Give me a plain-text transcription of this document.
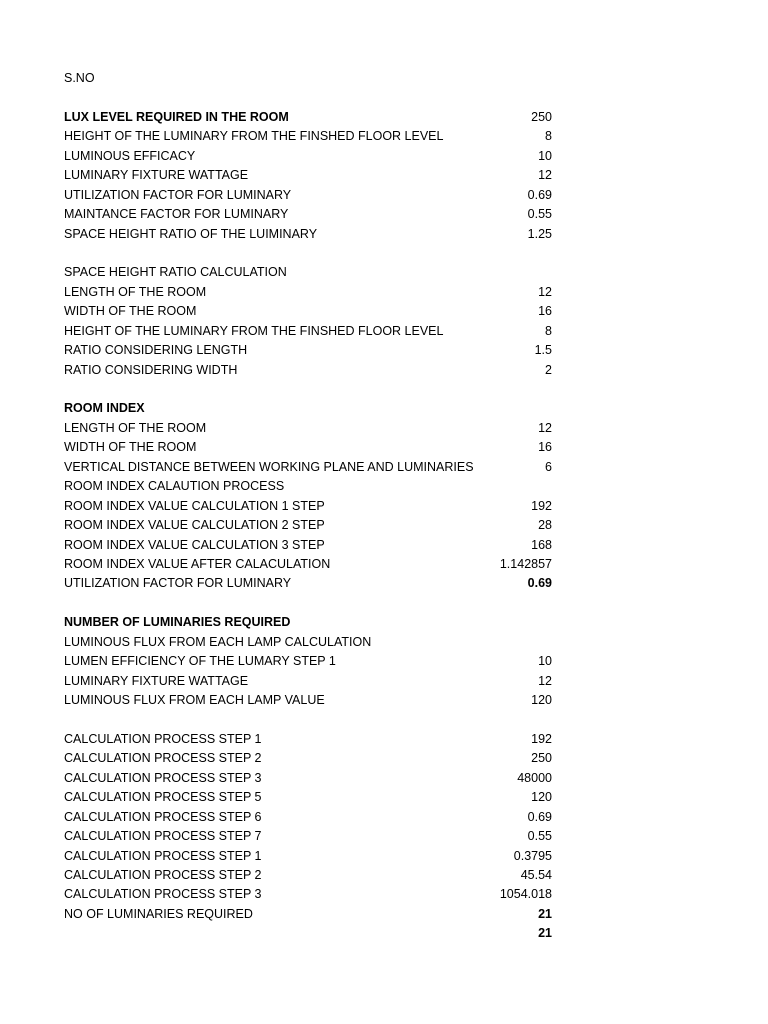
S.NO
LUX LEVEL REQUIRED IN THE ROOM	250
HEIGHT OF THE LUMINARY FROM THE FINSHED FLOOR LEVEL	8
LUMINOUS EFFICACY	10
LUMINARY FIXTURE WATTAGE	12
UTILIZATION FACTOR FOR LUMINARY	0.69
MAINTANCE FACTOR FOR LUMINARY	0.55
SPACE HEIGHT RATIO OF THE LUIMINARY	1.25
SPACE HEIGHT RATIO CALCULATION
LENGTH OF THE ROOM	12
WIDTH OF THE ROOM	16
HEIGHT OF THE LUMINARY FROM THE FINSHED FLOOR LEVEL	8
RATIO CONSIDERING LENGTH	1.5
RATIO CONSIDERING WIDTH	2
ROOM INDEX
LENGTH OF THE ROOM	12
WIDTH OF THE ROOM	16
VERTICAL DISTANCE BETWEEN WORKING PLANE AND LUMINARIES	6
ROOM INDEX CALAUTION PROCESS
ROOM INDEX VALUE CALCULATION 1 STEP	192
ROOM INDEX VALUE CALCULATION 2 STEP	28
ROOM INDEX VALUE CALCULATION 3 STEP	168
ROOM INDEX VALUE AFTER CALACULATION	1.142857
UTILIZATION FACTOR FOR LUMINARY	0.69
NUMBER OF LUMINARIES REQUIRED
LUMINOUS FLUX FROM EACH LAMP CALCULATION
LUMEN EFFICIENCY OF THE LUMARY STEP 1	10
LUMINARY FIXTURE WATTAGE	12
LUMINOUS FLUX FROM EACH LAMP VALUE	120
CALCULATION PROCESS STEP 1	192
CALCULATION PROCESS STEP 2	250
CALCULATION PROCESS STEP 3	48000
CALCULATION PROCESS STEP 5	120
CALCULATION PROCESS STEP 6	0.69
CALCULATION PROCESS STEP 7	0.55
CALCULATION PROCESS STEP 1	0.3795
CALCULATION PROCESS STEP 2	45.54
CALCULATION PROCESS STEP 3	1054.018
NO OF LUMINARIES REQUIRED	21
21
